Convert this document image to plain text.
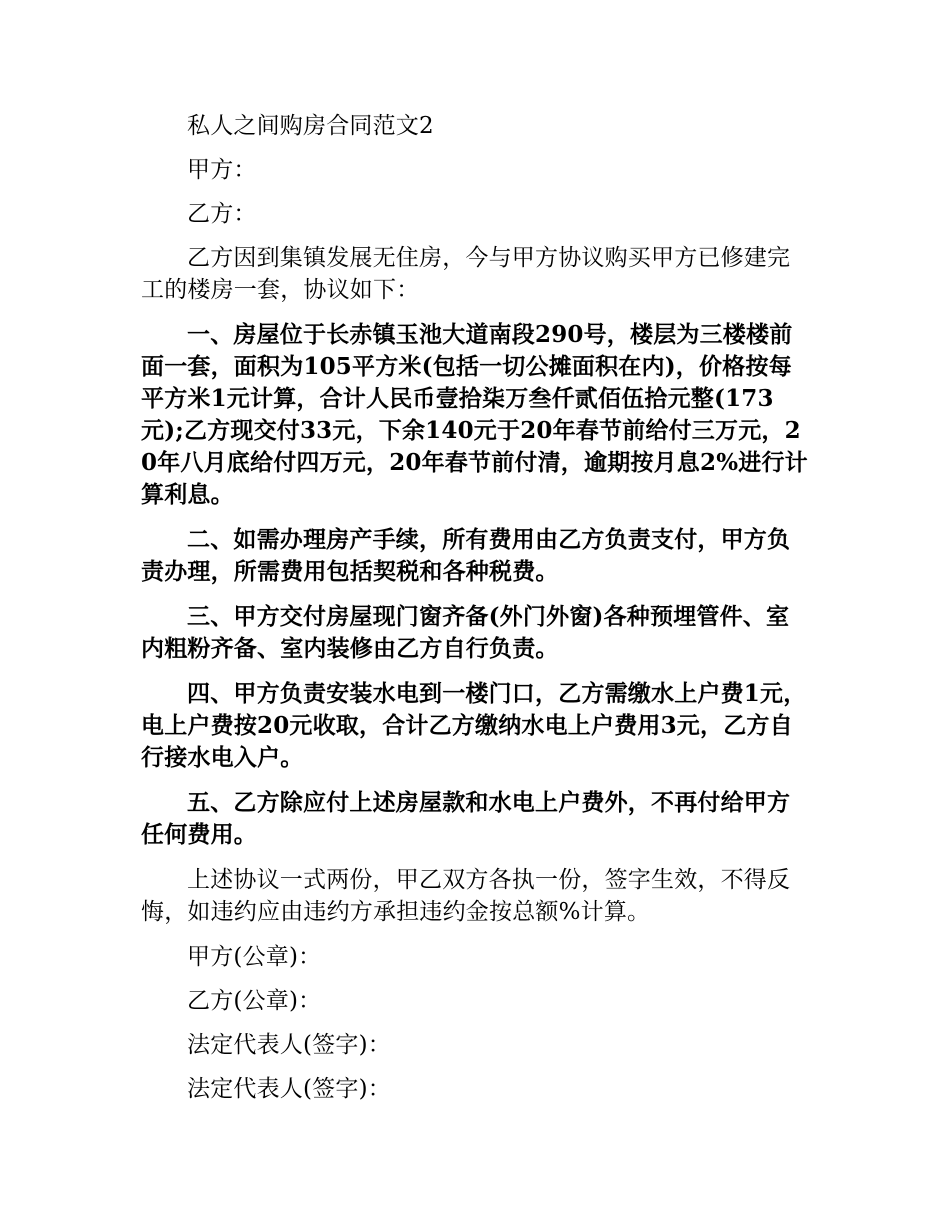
私人之间购房合同范文2

甲方：

乙方：

乙方因到集镇发展无住房，今与甲方协议购买甲方已修建完工的楼房一套，协议如下：

一、房屋位于长赤镇玉池大道南段290号，楼层为三楼楼前面一套，面积为105平方米(包括一切公摊面积在内)，价格按每平方米1元计算，合计人民币壹拾柒万叁仟贰佰伍拾元整(173元);乙方现交付33元，下余140元于20年春节前给付三万元，20年八月底给付四万元，20年春节前付清，逾期按月息2%进行计算利息。

二、如需办理房产手续，所有费用由乙方负责支付，甲方负责办理，所需费用包括契税和各种税费。

三、甲方交付房屋现门窗齐备(外门外窗)各种预埋管件、室内粗粉齐备、室内装修由乙方自行负责。

四、甲方负责安装水电到一楼门口，乙方需缴水上户费1元，电上户费按20元收取，合计乙方缴纳水电上户费用3元，乙方自行接水电入户。

五、乙方除应付上述房屋款和水电上户费外，不再付给甲方任何费用。

上述协议一式两份，甲乙双方各执一份，签字生效，不得反悔，如违约应由违约方承担违约金按总额%计算。

甲方(公章)：

乙方(公章)：

法定代表人(签字)：

法定代表人(签字)：
